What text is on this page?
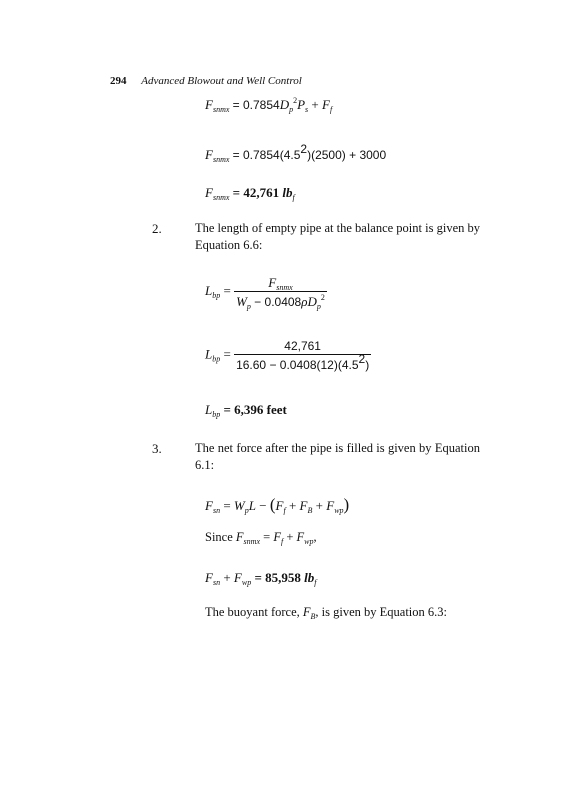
294 Advanced Blowout and Well Control
$F_{snmx} = 0.7854D_p^2P_s + F_f$
$F_{snmx} = 0.7854(4.5^2)(2500) + 3000$
$F_{snmx} = 42,761$ $lb_f$
2.	The length of empty pipe at the balance point is given by Equation 6.6:
$L_{bp} = \frac{F_{snmx}}{W_p - 0.0408\rho D_p^2}$
$L_{bp} = \frac{42,761}{16.60 - 0.0408(12)(4.5^2)}$
$L_{bp} = 6,396$ feet
3.	The net force after the pipe is filled is given by Equation 6.1:
$F_{sn} = W_pL - (F_f + F_B + F_{wp})$
Since $F_{snmx} = F_f + F_{wp}$,
$F_{sn} + F_{wp} = 85,958$ $lb_f$
The buoyant force, $F_B$, is given by Equation 6.3:
